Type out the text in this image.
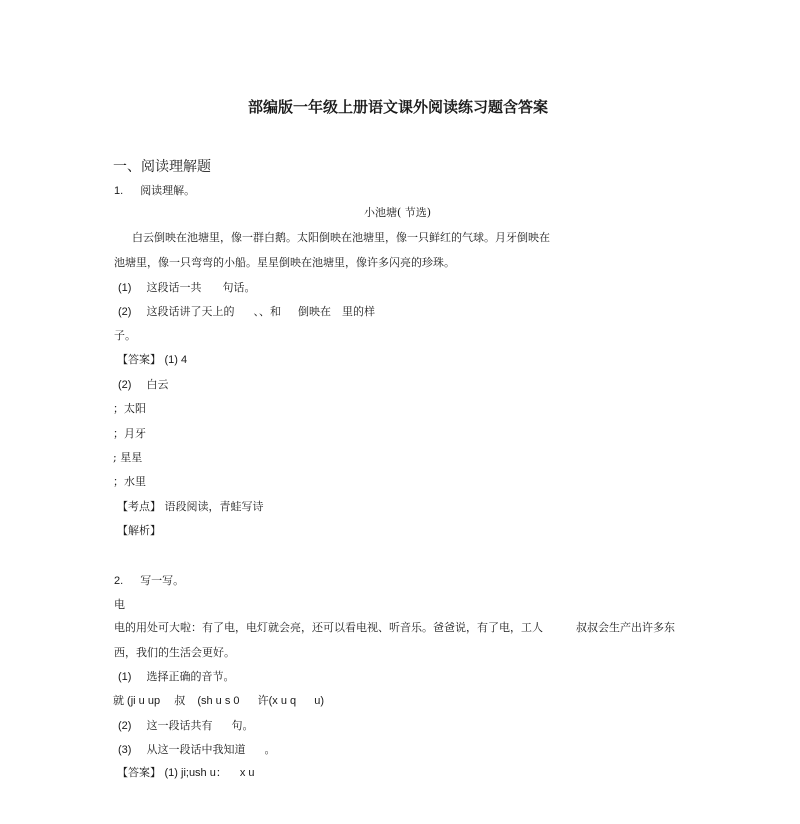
部编版一年级上册语文课外阅读练习题含答案
一、阅读理解题
1. 阅读理解。
小池塘( 节选)
白云倒映在池塘里，像一群白鹅。太阳倒映在池塘里，像一只鲜红的气球。月牙倒映在
池塘里，像一只弯弯的小船。星星倒映在池塘里，像许多闪亮的珍珠。
(1) 这段话一共 句话。
(2) 这段话讲了天上的 、、和 倒映在 里的样
子。
【答案】 (1) 4
(2) 白云
；太阳
；月牙
; 星星
；水里
【考点】 语段阅读，青蛙写诗
【解析】
2. 写一写。
电
电的用处可大啦：有了电，电灯就会亮，还可以看电视、听音乐。爸爸说，有了电，工人	叔叔会生产出许多东
西，我们的生活会更好。
(1) 选择正确的音节。
就 (ji u up 叔 (sh u s 0 许(x u q u)
(2) 这一段话共有 句。
(3) 从这一段话中我知道 。
【答案】 (1) ji;ush u： x u
